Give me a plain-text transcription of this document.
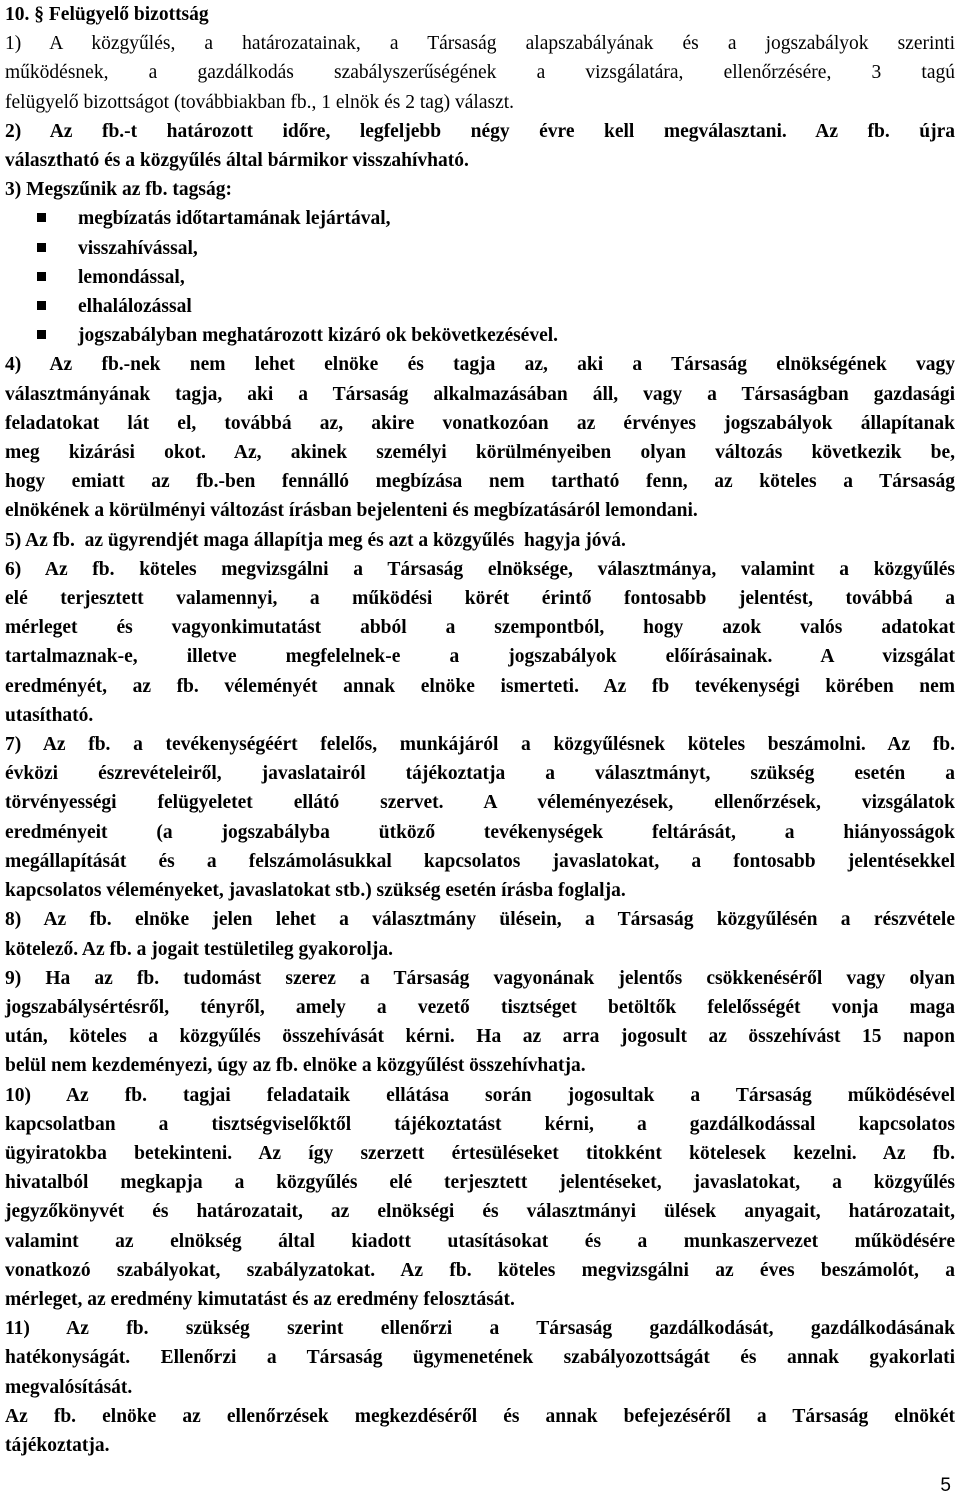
10. § Felügyelő bizottság

1) A közgyűlés, a határozatainak, a Társaság alapszabályának és a jogszabályok szerinti

működésnek, a gazdálkodás szabályszerűségének a vizsgálatára, ellenőrzésére, 3 tagú

felügyelő bizottságot (továbbiakban fb., 1 elnök és 2 tag) választ.

2) Az fb.-t határozott időre, legfeljebb négy évre kell megválasztani. Az fb. újra

választható és a közgyűlés által bármikor visszahívható.

3) Megszűnik az fb. tagság:

megbízatás időtartamának lejártával,

visszahívással,

lemondással,

elhalálozással

jogszabályban meghatározott kizáró ok bekövetkezésével.

4) Az fb.-nek nem lehet elnöke és tagja az, aki a Társaság elnökségének vagy

választmányának tagja, aki a Társaság alkalmazásában áll, vagy a Társaságban gazdasági

feladatokat lát el, továbbá az, akire vonatkozóan az érvényes jogszabályok állapítanak

meg kizárási okot. Az, akinek személyi körülményeiben olyan változás következik be,

hogy emiatt az fb.-ben fennálló megbízása nem tartható fenn, az köteles a Társaság

elnökének a körülményi változást írásban bejelenteni és megbízatásáról lemondani.

5) Az fb.  az ügyrendjét maga állapítja meg és azt a közgyűlés  hagyja jóvá.

6) Az fb. köteles megvizsgálni a Társaság elnöksége, választmánya, valamint a közgyűlés

elé terjesztett valamennyi, a működési körét érintő fontosabb jelentést, továbbá a

mérleget és vagyonkimutatást abból a szempontból, hogy azok valós adatokat

tartalmaznak-e, illetve megfelelnek-e a jogszabályok előírásainak. A vizsgálat

eredményét, az fb. véleményét annak elnöke ismerteti. Az fb tevékenységi körében nem

utasítható.

7) Az fb. a tevékenységéért felelős, munkájáról a közgyűlésnek köteles beszámolni. Az fb.

évközi észrevételeiről, javaslatairól tájékoztatja a választmányt, szükség esetén a

törvényességi felügyeletet ellátó szervet. A véleményezések, ellenőrzések, vizsgálatok

eredményeit (a jogszabályba ütköző tevékenységek feltárását, a hiányosságok

megállapítását és a felszámolásukkal kapcsolatos javaslatokat, a fontosabb jelentésekkel

kapcsolatos véleményeket, javaslatokat stb.) szükség esetén írásba foglalja.

8) Az fb. elnöke jelen lehet a választmány ülésein, a Társaság közgyűlésén a részvétele

kötelező. Az fb. a jogait testületileg gyakorolja.

9) Ha az fb. tudomást szerez a Társaság vagyonának jelentős csökkenéséről vagy olyan

jogszabálysértésről, tényről, amely a vezető tisztséget betöltők felelősségét vonja maga

után, köteles a közgyűlés összehívását kérni. Ha az arra jogosult az összehívást 15 napon

belül nem kezdeményezi, úgy az fb. elnöke a közgyűlést összehívhatja.

10) Az fb. tagjai feladataik ellátása során jogosultak a Társaság működésével

kapcsolatban a tisztségviselőktől tájékoztatást kérni, a gazdálkodással kapcsolatos

ügyiratokba betekinteni. Az így szerzett értesüléseket titokként kötelesek kezelni. Az fb.

hivatalból megkapja a közgyűlés elé terjesztett jelentéseket, javaslatokat, a közgyűlés

jegyzőkönyvét és határozatait, az elnökségi és választmányi ülések anyagait, határozatait,

valamint az elnökség által kiadott utasításokat és a munkaszervezet működésére

vonatkozó szabályokat, szabályzatokat. Az fb. köteles megvizsgálni az éves beszámolót, a

mérleget, az eredmény kimutatást és az eredmény felosztását.

11) Az fb. szükség szerint ellenőrzi a Társaság gazdálkodását, gazdálkodásának

hatékonyságát. Ellenőrzi a Társaság ügymenetének szabályozottságát és annak gyakorlati

megvalósítását.

Az fb. elnöke az ellenőrzések megkezdéséről és annak befejezéséről a Társaság elnökét

tájékoztatja.

5
